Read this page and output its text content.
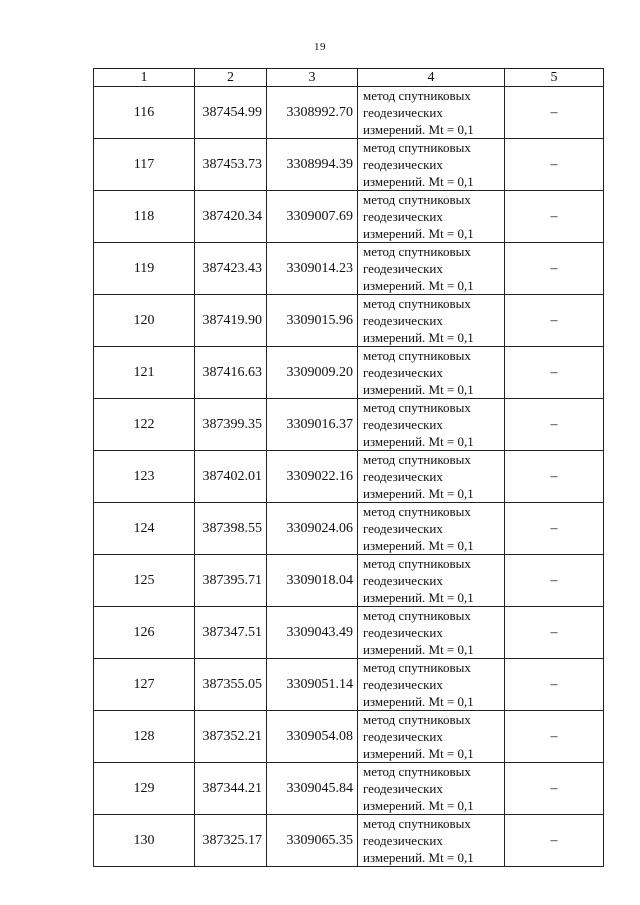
19
1	2	3	4	5
116	387454.99	3308992.70	метод спутниковых
геодезических
измерений. Mt = 0,1	–
117	387453.73	3308994.39	метод спутниковых
геодезических
измерений. Mt = 0,1	–
118	387420.34	3309007.69	метод спутниковых
геодезических
измерений. Mt = 0,1	–
119	387423.43	3309014.23	метод спутниковых
геодезических
измерений. Mt = 0,1	–
120	387419.90	3309015.96	метод спутниковых
геодезических
измерений. Mt = 0,1	–
121	387416.63	3309009.20	метод спутниковых
геодезических
измерений. Mt = 0,1	–
122	387399.35	3309016.37	метод спутниковых
геодезических
измерений. Mt = 0,1	–
123	387402.01	3309022.16	метод спутниковых
геодезических
измерений. Mt = 0,1	–
124	387398.55	3309024.06	метод спутниковых
геодезических
измерений. Mt = 0,1	–
125	387395.71	3309018.04	метод спутниковых
геодезических
измерений. Mt = 0,1	–
126	387347.51	3309043.49	метод спутниковых
геодезических
измерений. Mt = 0,1	–
127	387355.05	3309051.14	метод спутниковых
геодезических
измерений. Mt = 0,1	–
128	387352.21	3309054.08	метод спутниковых
геодезических
измерений. Mt = 0,1	–
129	387344.21	3309045.84	метод спутниковых
геодезических
измерений. Mt = 0,1	–
130	387325.17	3309065.35	метод спутниковых
геодезических
измерений. Mt = 0,1	–
